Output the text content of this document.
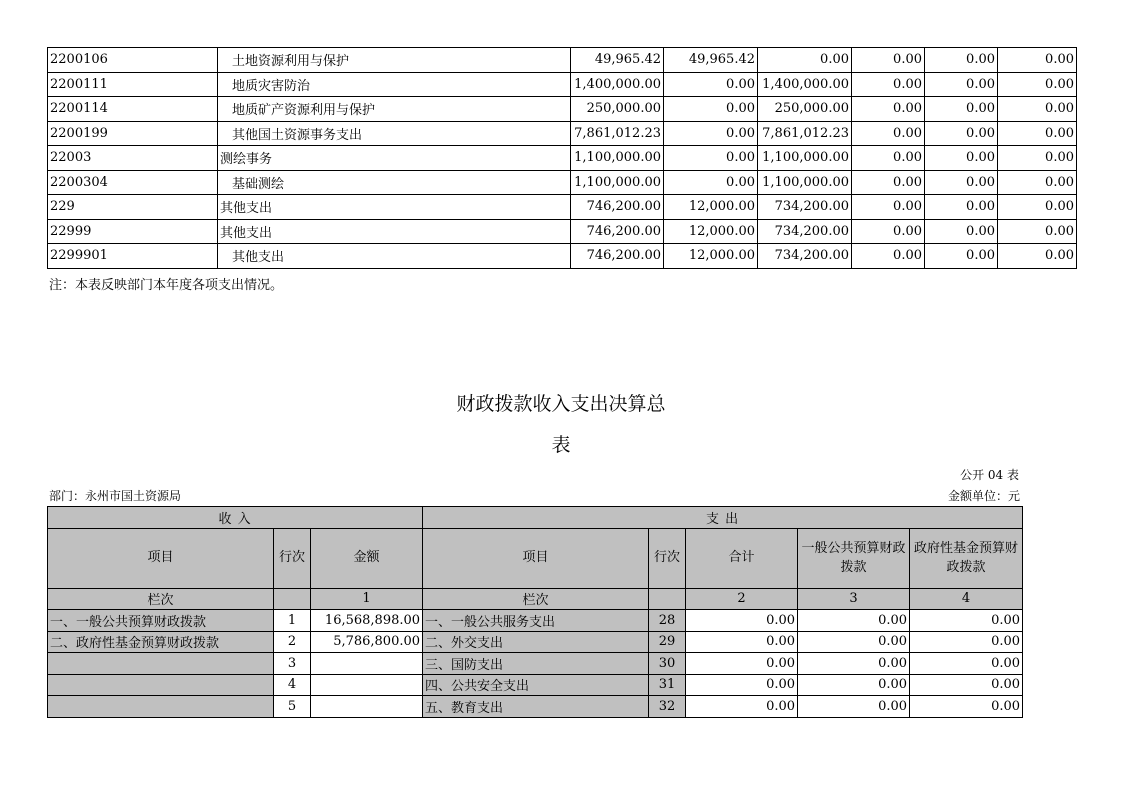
2200106	土地资源利用与保护	49,965.42	49,965.42	0.00	0.00	0.00	0.00
2200111	地质灾害防治	1,400,000.00	0.00	1,400,000.00	0.00	0.00	0.00
2200114	地质矿产资源利用与保护	250,000.00	0.00	250,000.00	0.00	0.00	0.00
2200199	其他国土资源事务支出	7,861,012.23	0.00	7,861,012.23	0.00	0.00	0.00
22003	测绘事务	1,100,000.00	0.00	1,100,000.00	0.00	0.00	0.00
2200304	基础测绘	1,100,000.00	0.00	1,100,000.00	0.00	0.00	0.00
229	其他支出	746,200.00	12,000.00	734,200.00	0.00	0.00	0.00
22999	其他支出	746,200.00	12,000.00	734,200.00	0.00	0.00	0.00
2299901	其他支出	746,200.00	12,000.00	734,200.00	0.00	0.00	0.00
注：本表反映部门本年度各项支出情况。
财政拨款收入支出决算总
表
公开 04 表
部门：永州市国土资源局	金额单位：元
收 入			支 出				
项目	行次	金额	项目	行次	合计	一般公共预算财政拨款	政府性基金预算财政拨款
栏次		1	栏次		2	3	4
一、一般公共预算财政拨款	1	16,568,898.00	一、一般公共服务支出	28	0.00	0.00	0.00
二、政府性基金预算财政拨款	2	5,786,800.00	二、外交支出	29	0.00	0.00	0.00
	3		三、国防支出	30	0.00	0.00	0.00
	4		四、公共安全支出	31	0.00	0.00	0.00
	5		五、教育支出	32	0.00	0.00	0.00
